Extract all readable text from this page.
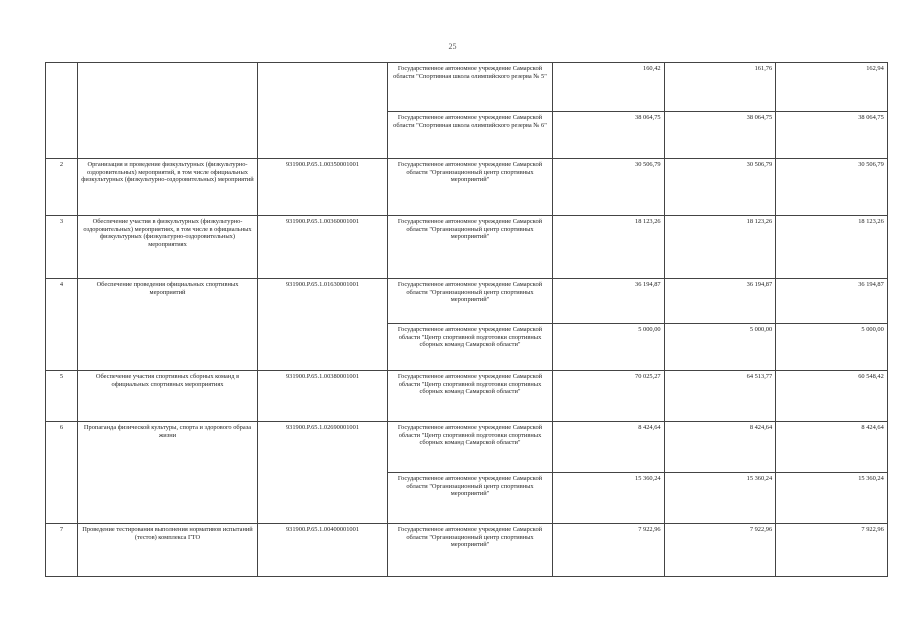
25
			Государственное автономное учреждение Самарской области "Спортивная школа олимпийского резерва № 5"	160,42	161,76	162,94
			Государственное автономное учреждение Самарской области "Спортивная школа олимпийского резерва № 6"	38 064,75	38 064,75	38 064,75
2	Организация и проведение физкультурных (физкультурно-оздоровительных) мероприятий, в том числе официальных физкультурных (физкультурно-оздоровительных) мероприятий	931900.Р.65.1.00350001001	Государственное автономное учреждение Самарской области "Организационный центр спортивных мероприятий"	30 506,79	30 506,79	30 506,79
3	Обеспечение участия в физкультурных (физкультурно-оздоровительных) мероприятиях, в том числе в официальных физкультурных (физкультурно-оздоровительных) мероприятиях	931900.Р.65.1.00360001001	Государственное автономное учреждение Самарской области "Организационный центр спортивных мероприятий"	18 123,26	18 123,26	18 123,26
4	Обеспечение проведения официальных спортивных мероприятий	931900.Р.65.1.01630001001	Государственное автономное учреждение Самарской области "Организационный центр спортивных мероприятий"	36 194,87	36 194,87	36 194,87
			Государственное автономное учреждение Самарской области "Центр спортивной подготовки спортивных сборных команд Самарской области"	5 000,00	5 000,00	5 000,00
5	Обеспечение участия спортивных сборных команд в официальных спортивных мероприятиях	931900.Р.65.1.00380001001	Государственное автономное учреждение Самарской области "Центр спортивной подготовки спортивных сборных команд Самарской области"	70 025,27	64 513,77	60 548,42
6	Пропаганда физической культуры, спорта и здорового образа жизни	931900.Р.65.1.02690001001	Государственное автономное учреждение Самарской области "Центр спортивной подготовки спортивных сборных команд Самарской области"	8 424,64	8 424,64	8 424,64
			Государственное автономное учреждение Самарской области "Организационный центр спортивных мероприятий"	15 360,24	15 360,24	15 360,24
7	Проведение тестирования выполнения нормативов испытаний (тестов) комплекса ГТО	931900.Р.65.1.00400001001	Государственное автономное учреждение Самарской области "Организационный центр спортивных мероприятий"	7 922,96	7 922,96	7 922,96
